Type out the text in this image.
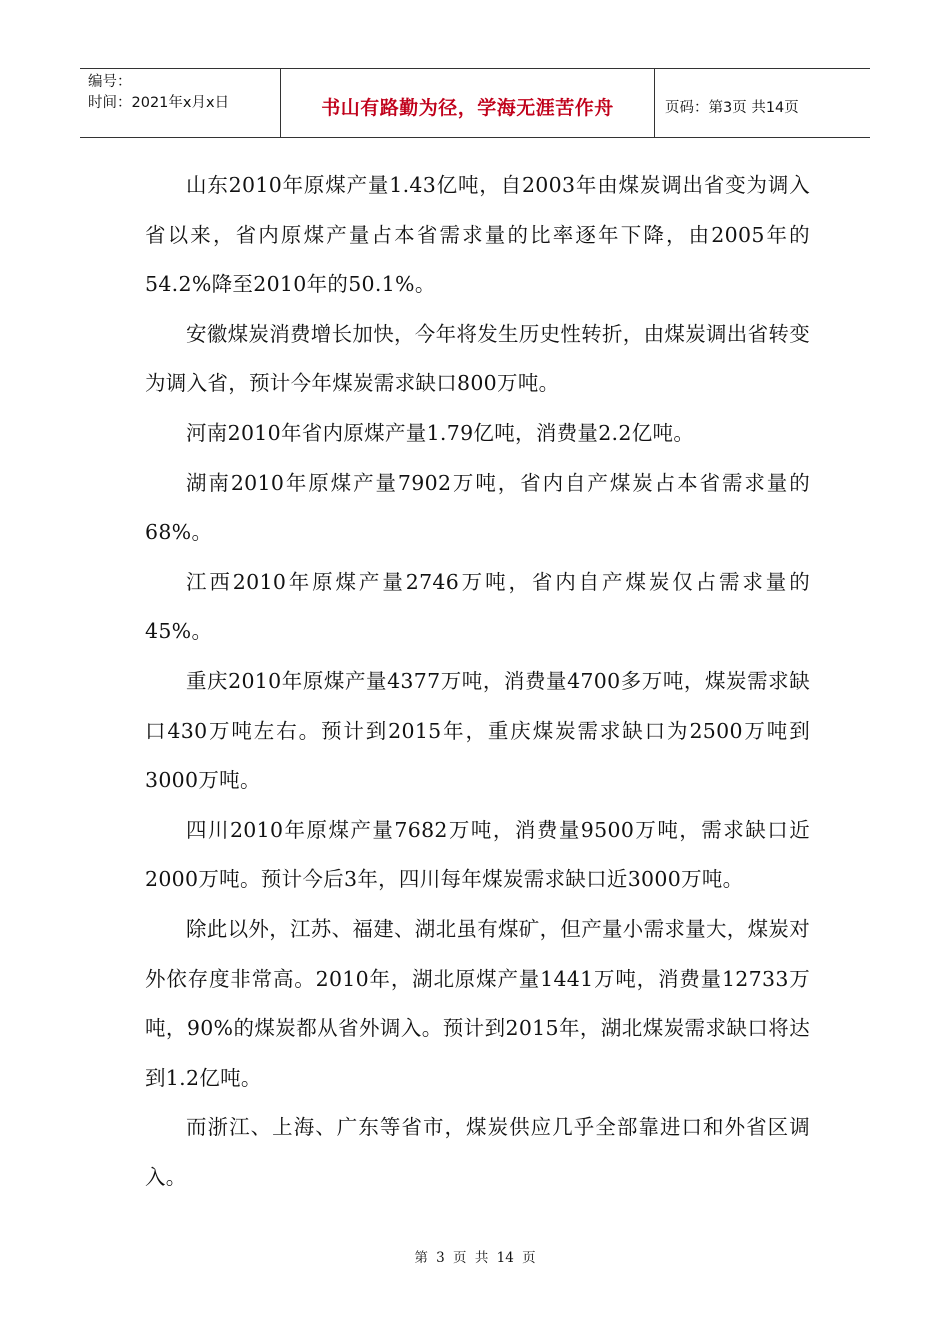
编号：
时间：2021年x月x日	书山有路勤为径，学海无涯苦作舟	页码：第3页 共14页

山东2010年原煤产量1.43亿吨，自2003年由煤炭调出省变为调入省以来，省内原煤产量占本省需求量的比率逐年下降，由2005年的54.2%降至2010年的50.1%。

安徽煤炭消费增长加快，今年将发生历史性转折，由煤炭调出省转变为调入省，预计今年煤炭需求缺口800万吨。

河南2010年省内原煤产量1.79亿吨，消费量2.2亿吨。

湖南2010年原煤产量7902万吨，省内自产煤炭占本省需求量的68%。

江西2010年原煤产量2746万吨，省内自产煤炭仅占需求量的45%。

重庆2010年原煤产量4377万吨，消费量4700多万吨，煤炭需求缺口430万吨左右。预计到2015年，重庆煤炭需求缺口为2500万吨到3000万吨。

四川2010年原煤产量7682万吨，消费量9500万吨，需求缺口近2000万吨。预计今后3年，四川每年煤炭需求缺口近3000万吨。

除此以外，江苏、福建、湖北虽有煤矿，但产量小需求量大，煤炭对外依存度非常高。2010年，湖北原煤产量1441万吨，消费量12733万吨，90%的煤炭都从省外调入。预计到2015年，湖北煤炭需求缺口将达到1.2亿吨。

而浙江、上海、广东等省市，煤炭供应几乎全部靠进口和外省区调入。

第 3 页 共 14 页
